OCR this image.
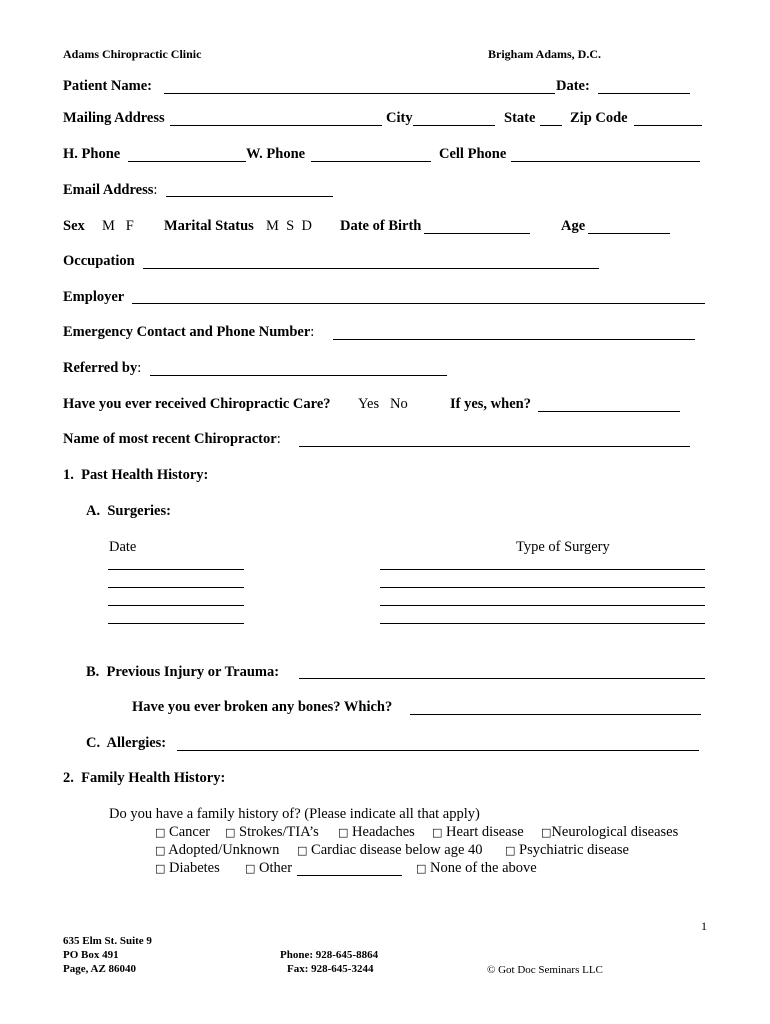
Adams Chiropractic Clinic	Brigham Adams, D.C.
Patient Name:	Date:
Mailing Address	City	State Zip Code
H. Phone	W. Phone	Cell Phone
Email Address:
Sex M   F Marital Status M  S  D Date of Birth	Age
Occupation
Employer
Emergency Contact and Phone Number:
Referred by:
Have you ever received Chiropractic Care? Yes   No	If yes, when?
Name of most recent Chiropractor:
1.  Past Health History:
A.  Surgeries:
Date	Type of Surgery
B.  Previous Injury or Trauma:
Have you ever broken any bones? Which?
C.  Allergies:
2.  Family Health History:
Do you have a family history of? (Please indicate all that apply)
□ Cancer □ Strokes/TIA’s □ Headaches □ Heart disease □Neurological diseases
□ Adopted/Unknown □ Cardiac disease below age 40 □ Psychiatric disease
□ Diabetes □ Other	□ None of the above
1
635 Elm St. Suite 9
PO Box 491
Page, AZ 86040
Phone: 928-645-8864
Fax: 928-645-3244	© Got Doc Seminars LLC
